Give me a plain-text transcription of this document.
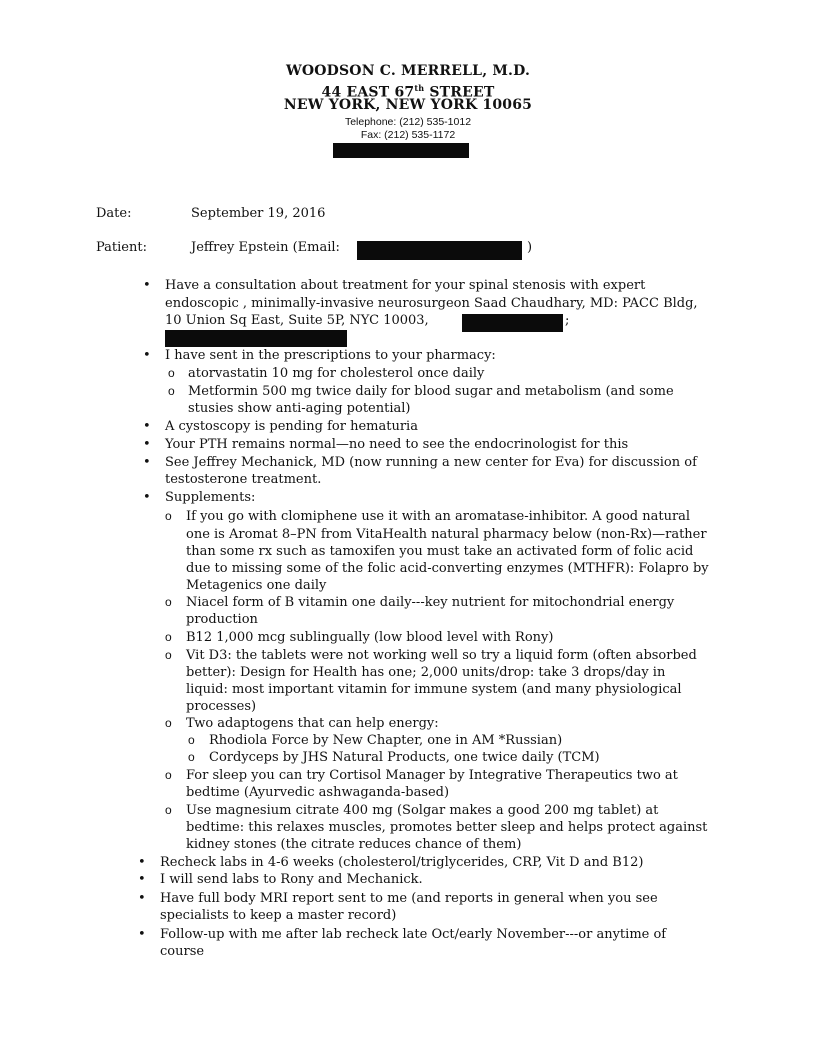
WOODSON C. MERRELL, M.D.
44 EAST 67th STREET
NEW YORK, NEW YORK 10065
Telephone: (212) 535-1012
Fax: (212) 535-1172
Date:	September 19, 2016
Patient:	Jeffrey Epstein (Email:	)
•
Have a consultation about treatment for your spinal stenosis with expert
endoscopic , minimally-invasive neurosurgeon Saad Chaudhary, MD: PACC Bldg,
10 Union Sq East, Suite 5P, NYC 10003,	;
•
I have sent in the prescriptions to your pharmacy:
o
atorvastatin 10 mg for cholesterol once daily
o
Metformin 500 mg twice daily for blood sugar and metabolism (and some
stusies show anti-aging potential)
•
A cystoscopy is pending for hematuria
•
Your PTH remains normal—no need to see the endocrinologist for this
•
See Jeffrey Mechanick, MD (now running a new center for Eva) for discussion of
testosterone treatment.
•
Supplements:
o
If you go with clomiphene use it with an aromatase-inhibitor. A good natural
one is Aromat 8–PN from VitaHealth natural pharmacy below (non-Rx)—rather
than some rx such as tamoxifen you must take an activated form of folic acid
due to missing some of the folic acid-converting enzymes (MTHFR): Folapro by
Metagenics one daily
o
Niacel form of B vitamin one daily---key nutrient for mitochondrial energy
production
o
B12 1,000 mcg sublingually (low blood level with Rony)
o
Vit D3: the tablets were not working well so try a liquid form (often absorbed
better): Design for Health has one; 2,000 units/drop: take 3 drops/day in
liquid: most important vitamin for immune system (and many physiological
processes)
o
Two adaptogens that can help energy:
o
Rhodiola Force by New Chapter, one in AM *Russian)
o
Cordyceps by JHS Natural Products, one twice daily (TCM)
o
For sleep you can try Cortisol Manager by Integrative Therapeutics two at
bedtime (Ayurvedic ashwaganda-based)
o
Use magnesium citrate 400 mg (Solgar makes a good 200 mg tablet) at
bedtime: this relaxes muscles, promotes better sleep and helps protect against
kidney stones (the citrate reduces chance of them)
•
Recheck labs in 4-6 weeks (cholesterol/triglycerides, CRP, Vit D and B12)
•
I will send labs to Rony and Mechanick.
•
Have full body MRI report sent to me (and reports in general when you see
specialists to keep a master record)
•
Follow-up with me after lab recheck late Oct/early November---or anytime of
course
